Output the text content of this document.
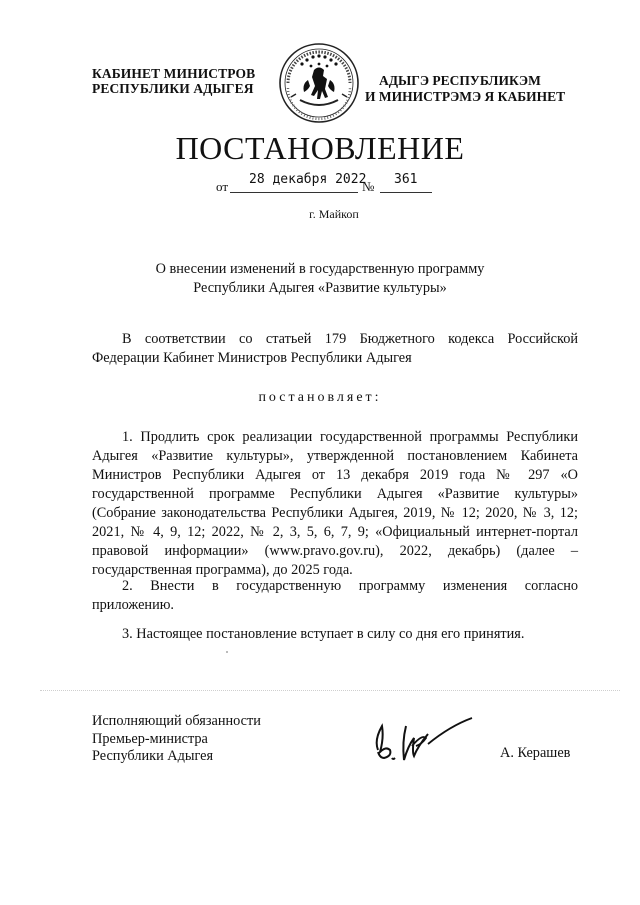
КАБИНЕТ МИНИСТРОВ
РЕСПУБЛИКИ АДЫГЕЯ
АДЫГЭ РЕСПУБЛИКЭМ
И МИНИСТРЭМЭ Я КАБИНЕТ
ПОСТАНОВЛЕНИЕ
от 28 декабря 2022
№ 361
г. Майкоп
О внесении изменений в государственную программу
Республики Адыгея «Развитие культуры»
В соответствии со статьей 179 Бюджетного кодекса Российской Федерации Кабинет Министров Республики Адыгея
постановляет:
1. Продлить срок реализации государственной программы Республики Адыгея «Развитие культуры», утвержденной постановлением Кабинета Министров Республики Адыгея от 13 декабря 2019 года № 297 «О государственной программе Республики Адыгея «Развитие культуры» (Собрание законодательства Республики Адыгея, 2019, № 12; 2020, № 3, 12; 2021, № 4, 9, 12; 2022, № 2, 3, 5, 6, 7, 9; «Официальный интернет-портал правовой информации» (www.pravo.gov.ru), 2022, декабрь) (далее – государственная программа), до 2025 года.
2. Внести в государственную программу изменения согласно приложению.
3. Настоящее постановление вступает в силу со дня его принятия.
Исполняющий обязанности
Премьер-министра
Республики Адыгея	А. Керашев
